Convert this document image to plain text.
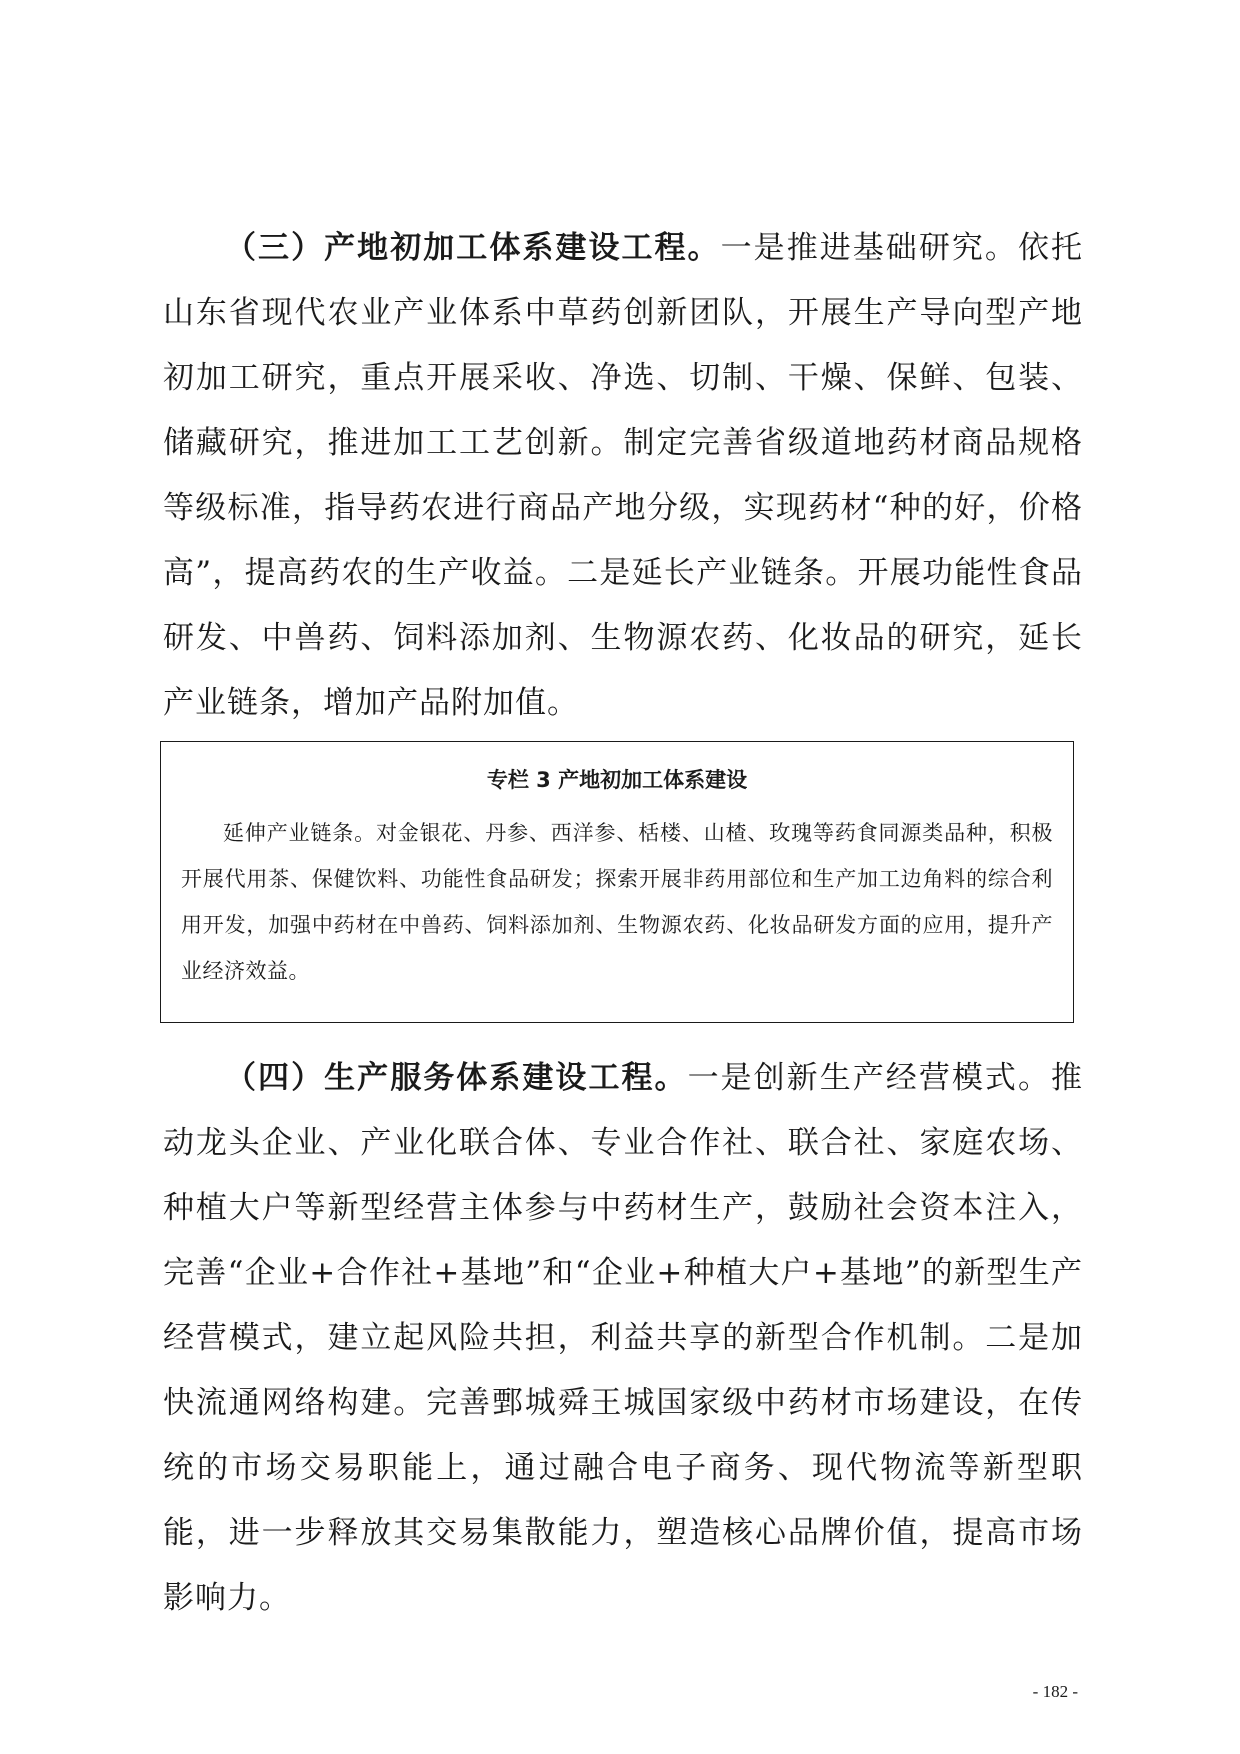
（三）产地初加工体系建设工程。一是推进基础研究。依托山东省现代农业产业体系中草药创新团队，开展生产导向型产地初加工研究，重点开展采收、净选、切制、干燥、保鲜、包装、储藏研究，推进加工工艺创新。制定完善省级道地药材商品规格等级标准，指导药农进行商品产地分级，实现药材“种的好，价格高”，提高药农的生产收益。二是延长产业链条。开展功能性食品研发、中兽药、饲料添加剂、生物源农药、化妆品的研究，延长产业链条，增加产品附加值。

专栏 3 产地初加工体系建设

延伸产业链条。对金银花、丹参、西洋参、栝楼、山楂、玫瑰等药食同源类品种，积极开展代用茶、保健饮料、功能性食品研发；探索开展非药用部位和生产加工边角料的综合利用开发，加强中药材在中兽药、饲料添加剂、生物源农药、化妆品研发方面的应用，提升产业经济效益。

（四）生产服务体系建设工程。一是创新生产经营模式。推动龙头企业、产业化联合体、专业合作社、联合社、家庭农场、种植大户等新型经营主体参与中药材生产，鼓励社会资本注入，完善“企业+合作社+基地”和“企业+种植大户+基地”的新型生产经营模式，建立起风险共担，利益共享的新型合作机制。二是加快流通网络构建。完善鄄城舜王城国家级中药材市场建设，在传统的市场交易职能上，通过融合电子商务、现代物流等新型职能，进一步释放其交易集散能力，塑造核心品牌价值，提高市场影响力。

- 182 -
